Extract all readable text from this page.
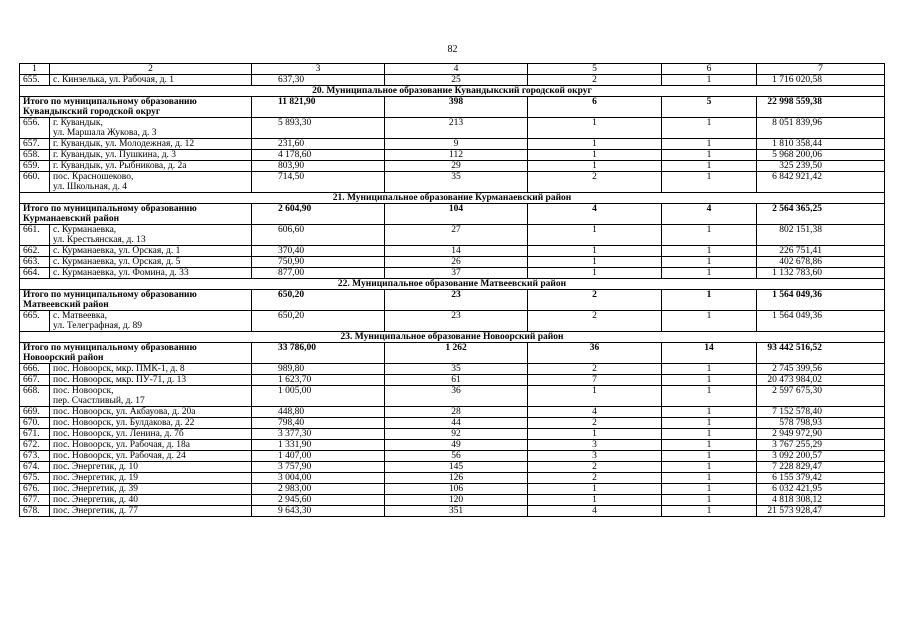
82
1	2	3	4	5	6	7
655.	с. Кинзелька, ул. Рабочая, д. 1	637,30	25	2	1	1 716 020,58
20. Муниципальное образование Кувандыкский городской округ						

Итого по муниципальному образованию
Кувандыкский городской округ		11 821,90	398	6	5	22 998 559,38
656.	г. Кувандык,
ул. Маршала Жукова, д. 3	5 893,30	213	1	1	8 051 839,96
657.	г. Кувандык, ул. Молодежная, д. 12	231,60	9	1	1	1 810 358,44
658.	г. Кувандык, ул. Пушкина, д. 3	4 178,60	112	1	1	5 968 200,06
659.	г. Кувандык, ул. Рыбникова, д. 2а	803,90	29	1	1	325 239,50
660.	пос. Красношеково,
ул. Школьная, д. 4	714,50	35	2	1	6 842 921,42
21. Муниципальное образование Курманаевский район						

Итого по муниципальному образованию
Курманаевский район		2 604,90	104	4	4	2 564 365,25
661.	с. Курманаевка,
ул. Крестьянская, д. 13	606,60	27	1	1	802 151,38
662.	с. Курманаевка, ул. Орская, д. 1	370,40	14	1	1	226 751,41
663.	с. Курманаевка, ул. Орская, д. 5	750,90	26	1	1	402 678,86
664.	с. Курманаевка, ул. Фомина, д. 33	877,00	37	1	1	1 132 783,60
22. Муниципальное образование Матвеевский район						

Итого по муниципальному образованию
Матвеевский район		650,20	23	2	1	1 564 049,36
665.	с. Матвеевка,
ул. Телеграфная, д. 89	650,20	23	2	1	1 564 049,36
23. Муниципальное образование Новоорский район						

Итого по муниципальному образованию
Новоорский район		33 786,00	1 262	36	14	93 442 516,52
666.	пос. Новоорск, мкр. ПМК-1, д. 8	989,80	35	2	1	2 745 399,56
667.	пос. Новоорск, мкр. ПУ-71, д. 13	1 623,70	61	7	1	20 473 984,02
668.	пос. Новоорск,
пер. Счастливый, д. 17	1 005,00	36	1	1	2 597 675,30
669.	пос. Новоорск, ул. Акбауова, д. 20а	448,80	28	4	1	7 152 578,40
670.	пос. Новоорск, ул. Булдакова, д. 22	798,40	44	2	1	578 798,93
671.	пос. Новоорск, ул. Ленина, д. 7б	3 377,30	92	1	1	2 949 972,90
672.	пос. Новоорск, ул. Рабочая, д. 18а	1 331,90	49	3	1	3 767 255,29
673.	пос. Новоорск, ул. Рабочая, д. 24	1 407,00	56	3	1	3 092 200,57
674.	пос. Энергетик, д. 10	3 757,90	145	2	1	7 228 829,47
675.	пос. Энергетик, д. 19	3 004,00	126	2	1	6 155 379,42
676.	пос. Энергетик, д. 39	2 983,00	106	1	1	6 032 421,95
677.	пос. Энергетик, д. 40	2 945,60	120	1	1	4 818 308,12
678.	пос. Энергетик, д. 77	9 643,30	351	4	1	21 573 928,47
